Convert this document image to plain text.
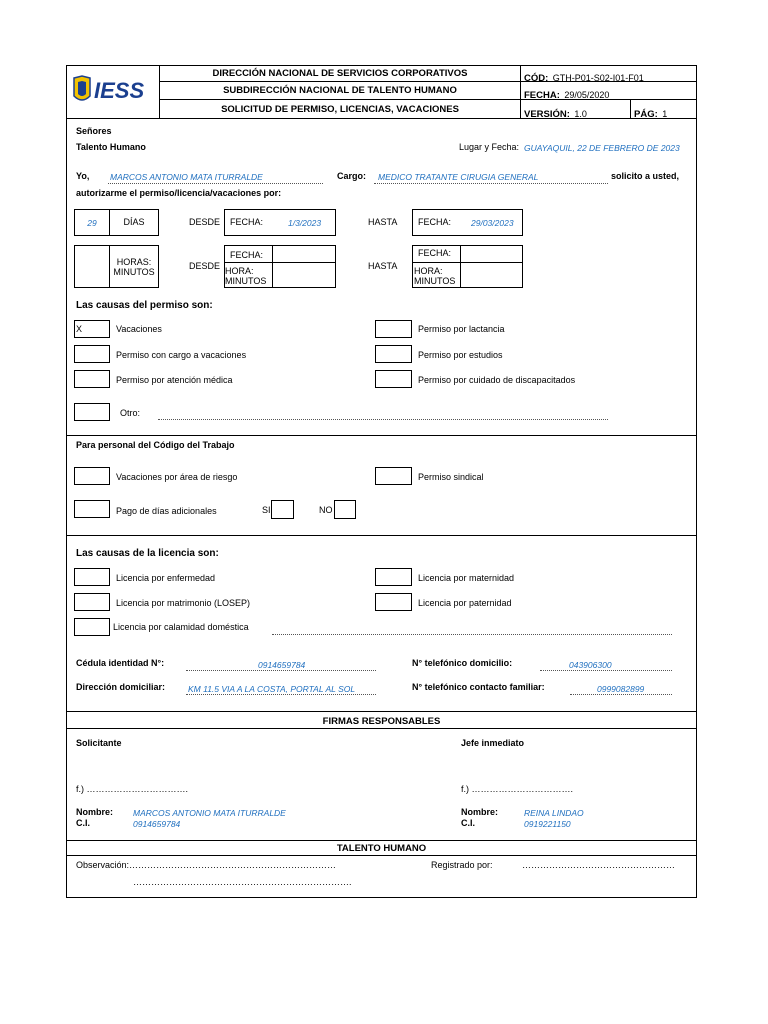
IESS
DIRECCIÓN NACIONAL DE SERVICIOS CORPORATIVOS
SUBDIRECCIÓN NACIONAL DE TALENTO HUMANO
SOLICITUD DE PERMISO, LICENCIAS, VACACIONES
CÓD: GTH-P01-S02-I01-F01
FECHA: 29/05/2020
VERSIÓN: 1.0	PÁG: 1
Señores
Talento Humano	Lugar y Fecha: GUAYAQUIL, 22 DE FEBRERO DE 2023
Yo, MARCOS ANTONIO MATA ITURRALDE	Cargo: MEDICO TRATANTE CIRUGIA GENERAL	solicito a usted,
autorizarme el permiso/licencia/vacaciones por:
29	DÍAS	DESDE FECHA:	1/3/2023	HASTA FECHA: 29/03/2023
HORAS: MINUTOS
DESDE
FECHA:
HORA: MINUTOS
HASTA
FECHA:
HORA: MINUTOS
Las causas del permiso son:
X	Vacaciones
Permiso con cargo a vacaciones
Permiso por atención médica
Otro:
Permiso por lactancia
Permiso por estudios
Permiso por cuidado de discapacitados
Para personal del Código del Trabajo
Vacaciones por área de riesgo	Permiso sindical
Pago de días adicionales	SI	NO
Las causas de la licencia son:
Licencia por enfermedad
Licencia por matrimonio (LOSEP)
Licencia por calamidad doméstica
Licencia por maternidad
Licencia por paternidad
Cédula identidad N°:	0914659784
Dirección domiciliar:	KM 11.5 VIA A LA COSTA, PORTAL AL SOL
N° telefónico domicilio:	043906300
N° telefónico contacto familiar:	0999082899
FIRMAS RESPONSABLES
Solicitante	Jefe inmediato
f.) …………………………….	f.) …………………………….
Nombre: MARCOS ANTONIO MATA ITURRALDE
C.I.	0914659784
Nombre:	REINA LINDAO
C.I.	0919221150
TALENTO HUMANO
Observación:……………………………………………………………
……………………………………………………………….
Registrado por:	……………………………………………
